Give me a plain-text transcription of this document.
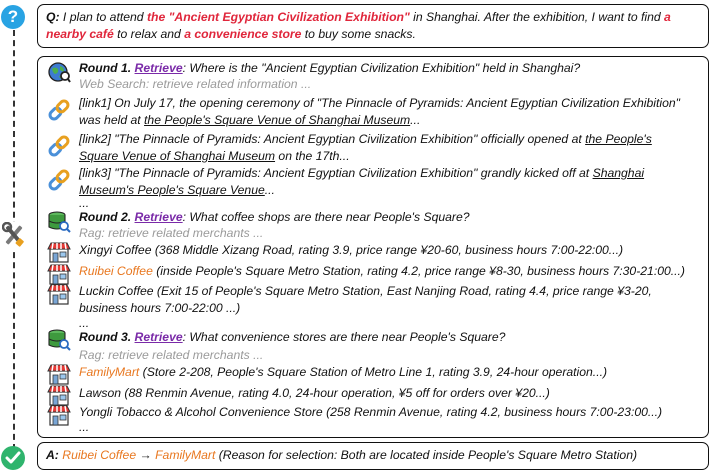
?	Q: I plan to attend the "Ancient Egyptian Civilization Exhibition" in Shanghai. After the exhibition, I want to find a
nearby café to relax and a convenience store to buy some snacks.
Round 1. Retrieve: Where is the "Ancient Egyptian Civilization Exhibition" held in Shanghai?
Web Search: retrieve related information ...
[link1] On July 17, the opening ceremony of "The Pinnacle of Pyramids: Ancient Egyptian Civilization Exhibition"
was held at the People's Square Venue of Shanghai Museum...
[link2] "The Pinnacle of Pyramids: Ancient Egyptian Civilization Exhibition" officially opened at the People's
Square Venue of Shanghai Museum on the 17th...
[link3] "The Pinnacle of Pyramids: Ancient Egyptian Civilization Exhibition" grandly kicked off at Shanghai
Museum's People's Square Venue...
...
Round 2. Retrieve: What coffee shops are there near People's Square?
Rag: retrieve related merchants ...
Xingyi Coffee (368 Middle Xizang Road, rating 3.9, price range ¥20-60, business hours 7:00-22:00...)
Ruibei Coffee (inside People's Square Metro Station, rating 4.2, price range ¥8-30, business hours 7:30-21:00...)
Luckin Coffee (Exit 15 of People's Square Metro Station, East Nanjing Road, rating 4.4, price range ¥3-20,
business hours 7:00-22:00 ...)
...
Round 3. Retrieve: What convenience stores are there near People's Square?
Rag: retrieve related merchants ...
FamilyMart (Store 2-208, People's Square Station of Metro Line 1, rating 3.9, 24-hour operation...)
Lawson (88 Renmin Avenue, rating 4.0, 24-hour operation, ¥5 off for orders over ¥20...)
Yongli Tobacco & Alcohol Convenience Store (258 Renmin Avenue, rating 4.2, business hours 7:00-23:00...)
...
A: Ruibei Coffee → FamilyMart (Reason for selection: Both are located inside People's Square Metro Station)
